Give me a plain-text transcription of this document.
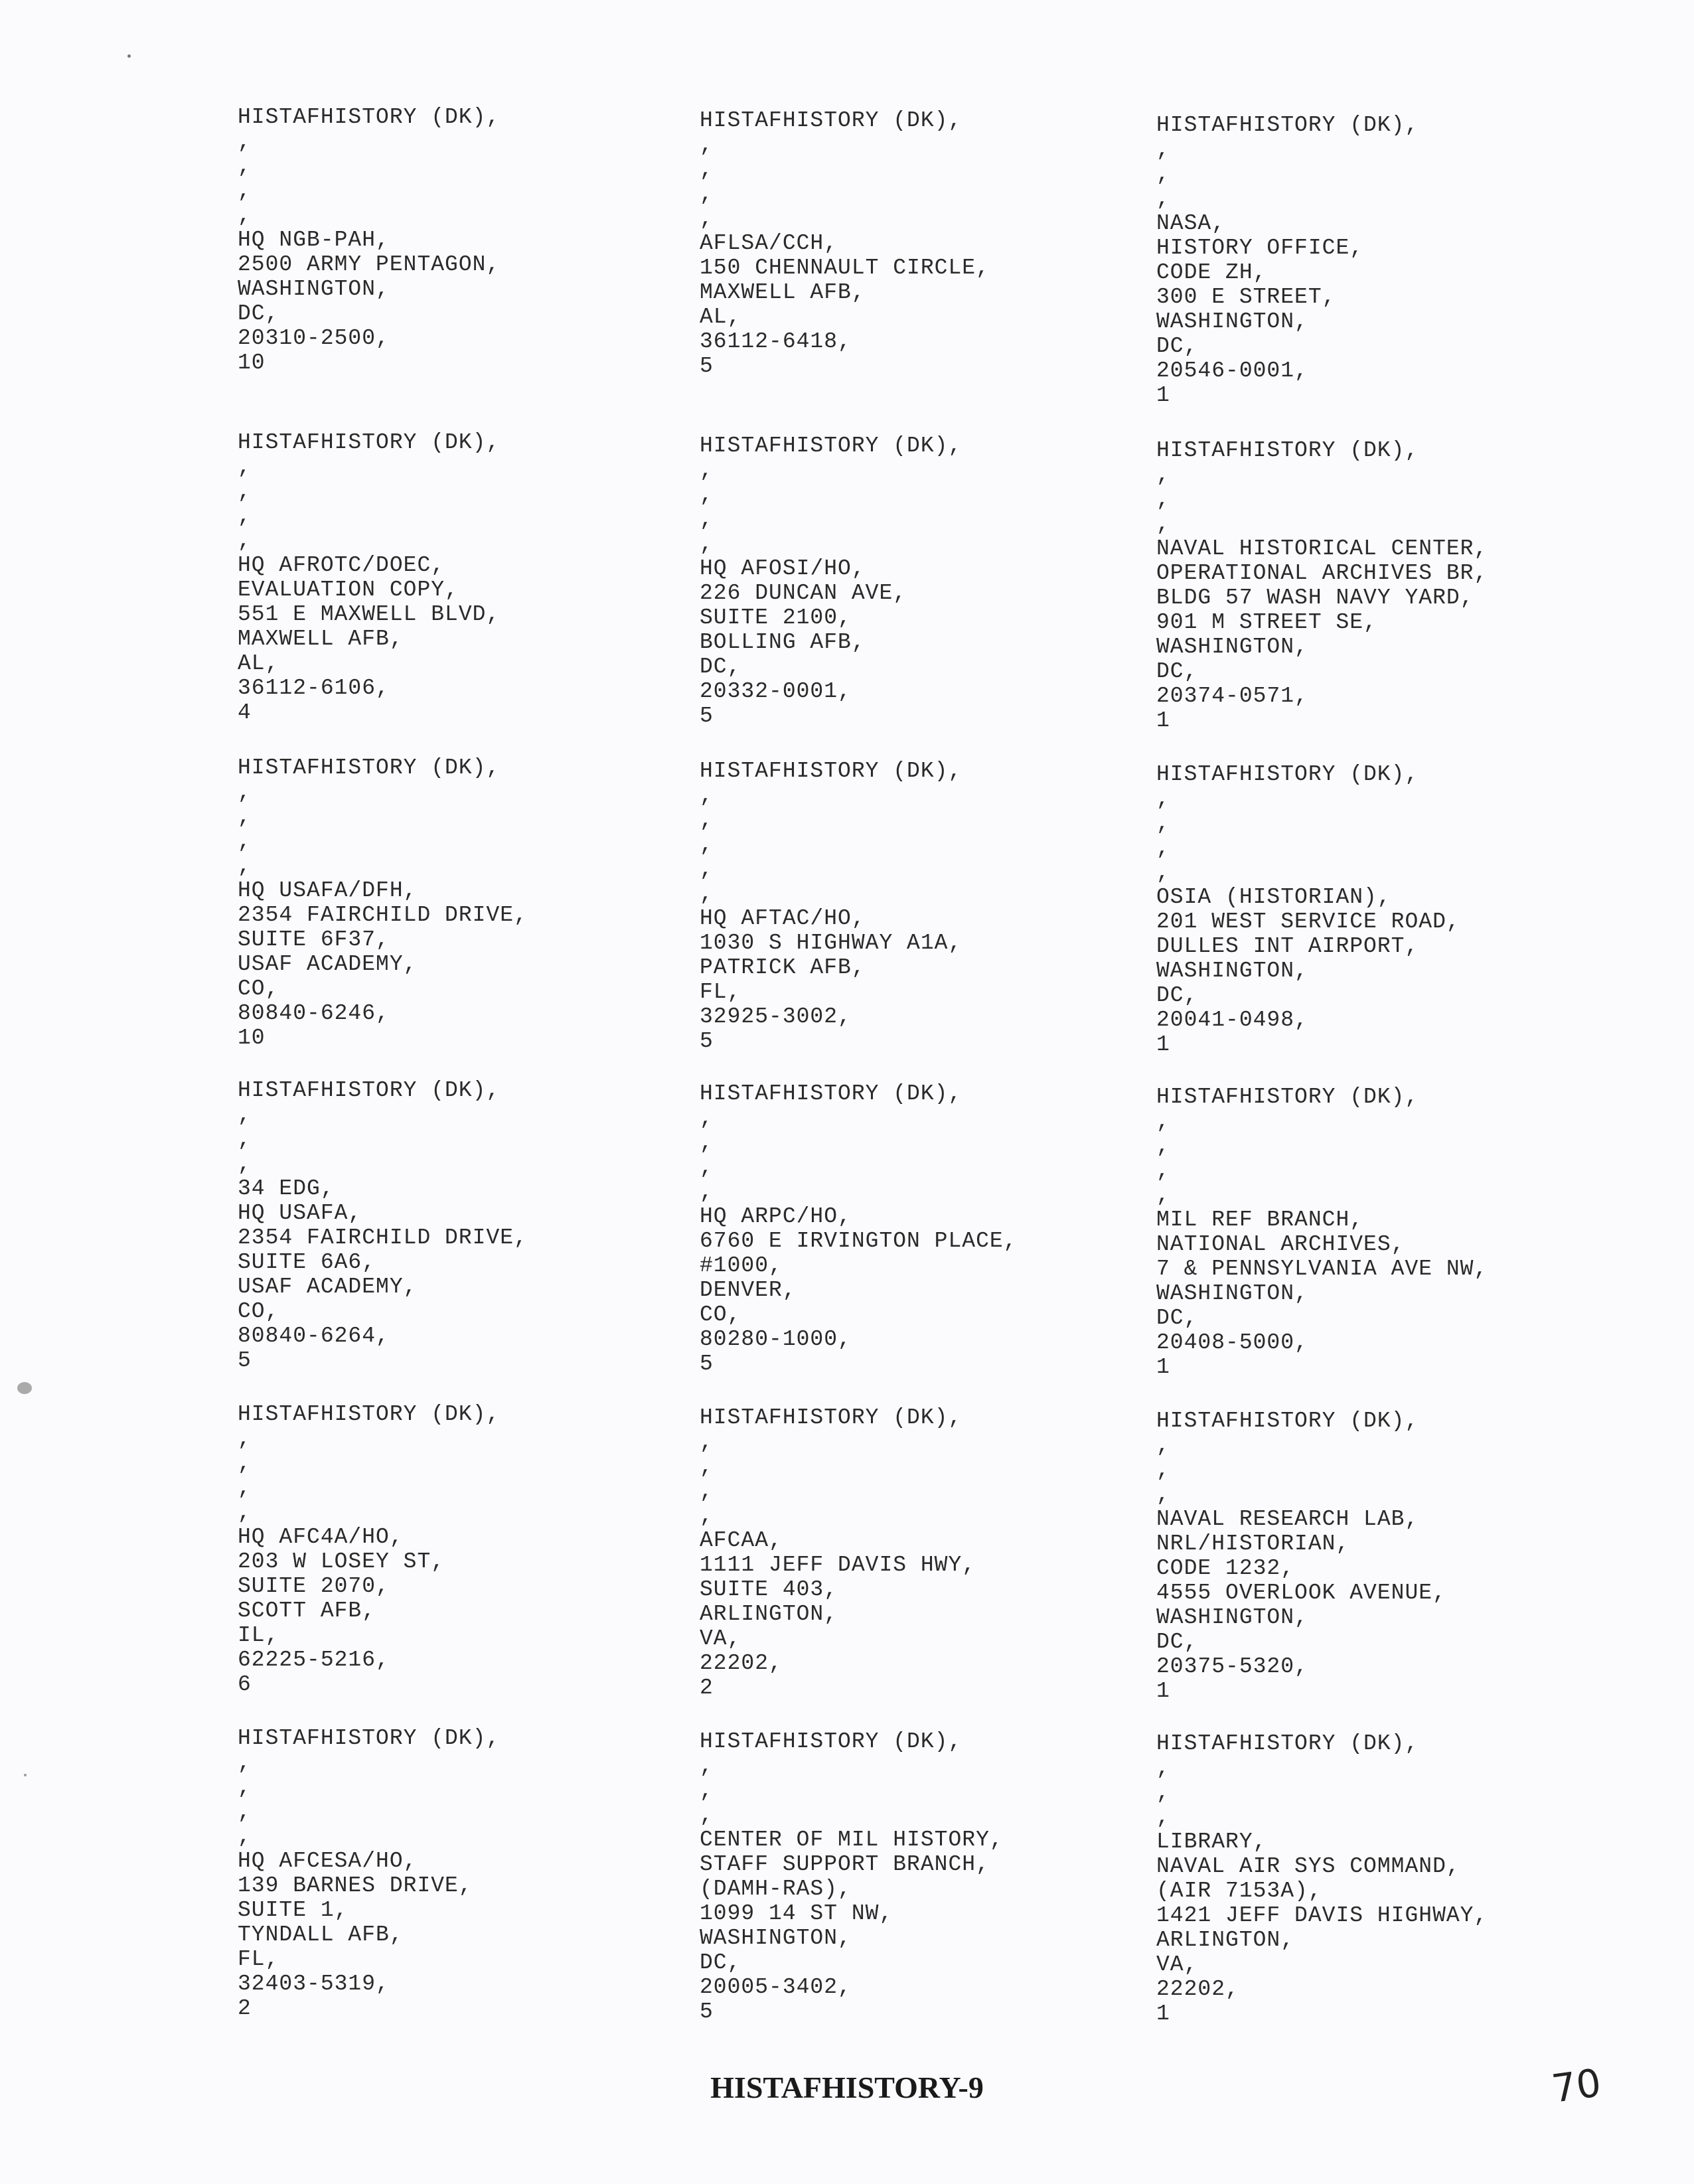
HISTAFHISTORY (DK),
,
,
,
,
HQ NGB-PAH,
2500 ARMY PENTAGON,
WASHINGTON,
DC,
20310-2500,
10
HISTAFHISTORY (DK),
,
,
,
,
HQ AFROTC/DOEC,
EVALUATION COPY,
551 E MAXWELL BLVD,
MAXWELL AFB,
AL,
36112-6106,
4
HISTAFHISTORY (DK),
,
,
,
,
HQ USAFA/DFH,
2354 FAIRCHILD DRIVE,
SUITE 6F37,
USAF ACADEMY,
CO,
80840-6246,
10
HISTAFHISTORY (DK),
,
,
,
34 EDG,
HQ USAFA,
2354 FAIRCHILD DRIVE,
SUITE 6A6,
USAF ACADEMY,
CO,
80840-6264,
5
HISTAFHISTORY (DK),
,
,
,
,
HQ AFC4A/HO,
203 W LOSEY ST,
SUITE 2070,
SCOTT AFB,
IL,
62225-5216,
6
HISTAFHISTORY (DK),
,
,
,
,
HQ AFCESA/HO,
139 BARNES DRIVE,
SUITE 1,
TYNDALL AFB,
FL,
32403-5319,
2
HISTAFHISTORY (DK),
,
,
,
,
AFLSA/CCH,
150 CHENNAULT CIRCLE,
MAXWELL AFB,
AL,
36112-6418,
5
HISTAFHISTORY (DK),
,
,
,
,
HQ AFOSI/HO,
226 DUNCAN AVE,
SUITE 2100,
BOLLING AFB,
DC,
20332-0001,
5
HISTAFHISTORY (DK),
,
,
,
,
,
HQ AFTAC/HO,
1030 S HIGHWAY A1A,
PATRICK AFB,
FL,
32925-3002,
5
HISTAFHISTORY (DK),
,
,
,
,
HQ ARPC/HO,
6760 E IRVINGTON PLACE,
#1000,
DENVER,
CO,
80280-1000,
5
HISTAFHISTORY (DK),
,
,
,
,
AFCAA,
1111 JEFF DAVIS HWY,
SUITE 403,
ARLINGTON,
VA,
22202,
2
HISTAFHISTORY (DK),
,
,
,
CENTER OF MIL HISTORY,
STAFF SUPPORT BRANCH,
(DAMH-RAS),
1099 14 ST NW,
WASHINGTON,
DC,
20005-3402,
5
HISTAFHISTORY (DK),
,
,
,
NASA,
HISTORY OFFICE,
CODE ZH,
300 E STREET,
WASHINGTON,
DC,
20546-0001,
1
HISTAFHISTORY (DK),
,
,
,
NAVAL HISTORICAL CENTER,
OPERATIONAL ARCHIVES BR,
BLDG 57 WASH NAVY YARD,
901 M STREET SE,
WASHINGTON,
DC,
20374-0571,
1
HISTAFHISTORY (DK),
,
,
,
,
OSIA (HISTORIAN),
201 WEST SERVICE ROAD,
DULLES INT AIRPORT,
WASHINGTON,
DC,
20041-0498,
1
HISTAFHISTORY (DK),
,
,
,
,
MIL REF BRANCH,
NATIONAL ARCHIVES,
7 & PENNSYLVANIA AVE NW,
WASHINGTON,
DC,
20408-5000,
1
HISTAFHISTORY (DK),
,
,
,
NAVAL RESEARCH LAB,
NRL/HISTORIAN,
CODE 1232,
4555 OVERLOOK AVENUE,
WASHINGTON,
DC,
20375-5320,
1
HISTAFHISTORY (DK),
,
,
,
LIBRARY,
NAVAL AIR SYS COMMAND,
(AIR 7153A),
1421 JEFF DAVIS HIGHWAY,
ARLINGTON,
VA,
22202,
1
HISTAFHISTORY-9	70
